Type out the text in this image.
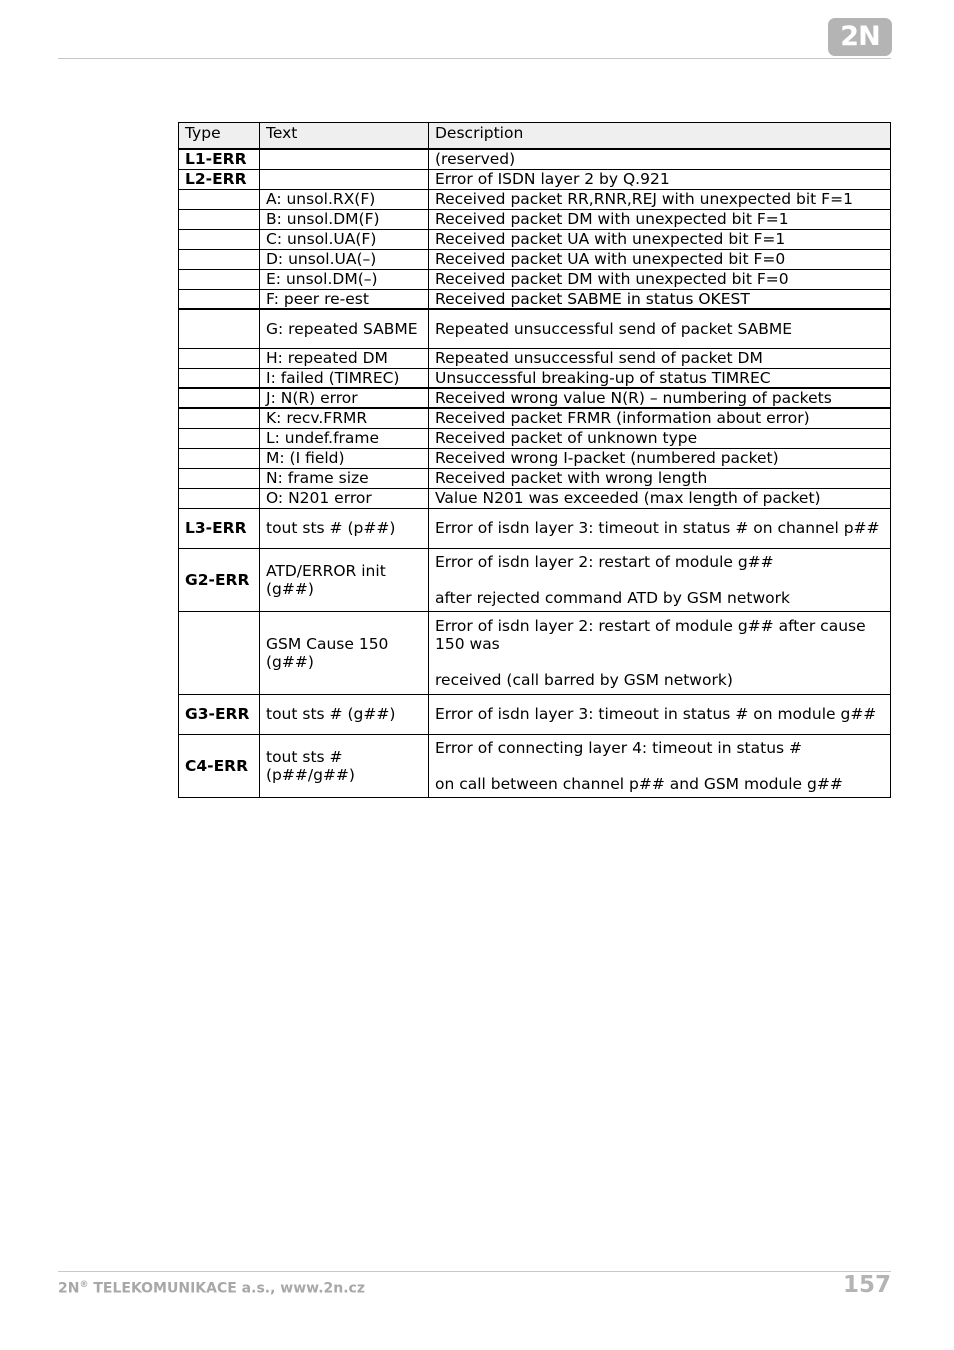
2N
Type	Text	Description
L1-ERR		(reserved)
L2-ERR		Error of ISDN layer 2 by Q.921
	A: unsol.RX(F)	Received packet RR,RNR,REJ with unexpected bit F=1
	B: unsol.DM(F)	Received packet DM with unexpected bit F=1
	C: unsol.UA(F)	Received packet UA with unexpected bit F=1
	D: unsol.UA(–)	Received packet UA with unexpected bit F=0
	E: unsol.DM(–)	Received packet DM with unexpected bit F=0
	F: peer re-est	Received packet SABME in status OKEST
	G: repeated SABME	Repeated unsuccessful send of packet SABME
	H: repeated DM	Repeated unsuccessful send of packet DM
	I: failed (TIMREC)	Unsuccessful breaking-up of status TIMREC
	J: N(R) error	Received wrong value N(R) – numbering of packets
	K: recv.FRMR	Received packet FRMR (information about error)
	L: undef.frame	Received packet of unknown type
	M: (I field)	Received wrong I-packet (numbered packet)
	N: frame size	Received packet with wrong length
	O: N201 error	Value N201 was exceeded (max length of packet)
L3-ERR	tout sts # (p##)	Error of isdn layer 3: timeout in status # on channel p##
G2-ERR	ATD/ERROR init (g##)	Error of isdn layer 2: restart of module g##

after rejected command ATD by GSM network
	GSM Cause 150 (g##)	Error of isdn layer 2: restart of module g## after cause 150 was

received (call barred by GSM network)
G3-ERR	tout sts # (g##)	Error of isdn layer 3: timeout in status # on module g##
C4-ERR	tout sts # (p##/g##)	Error of connecting layer 4: timeout in status #

on call between channel p## and GSM module g##
2N® TELEKOMUNIKACE a.s., www.2n.cz	157
